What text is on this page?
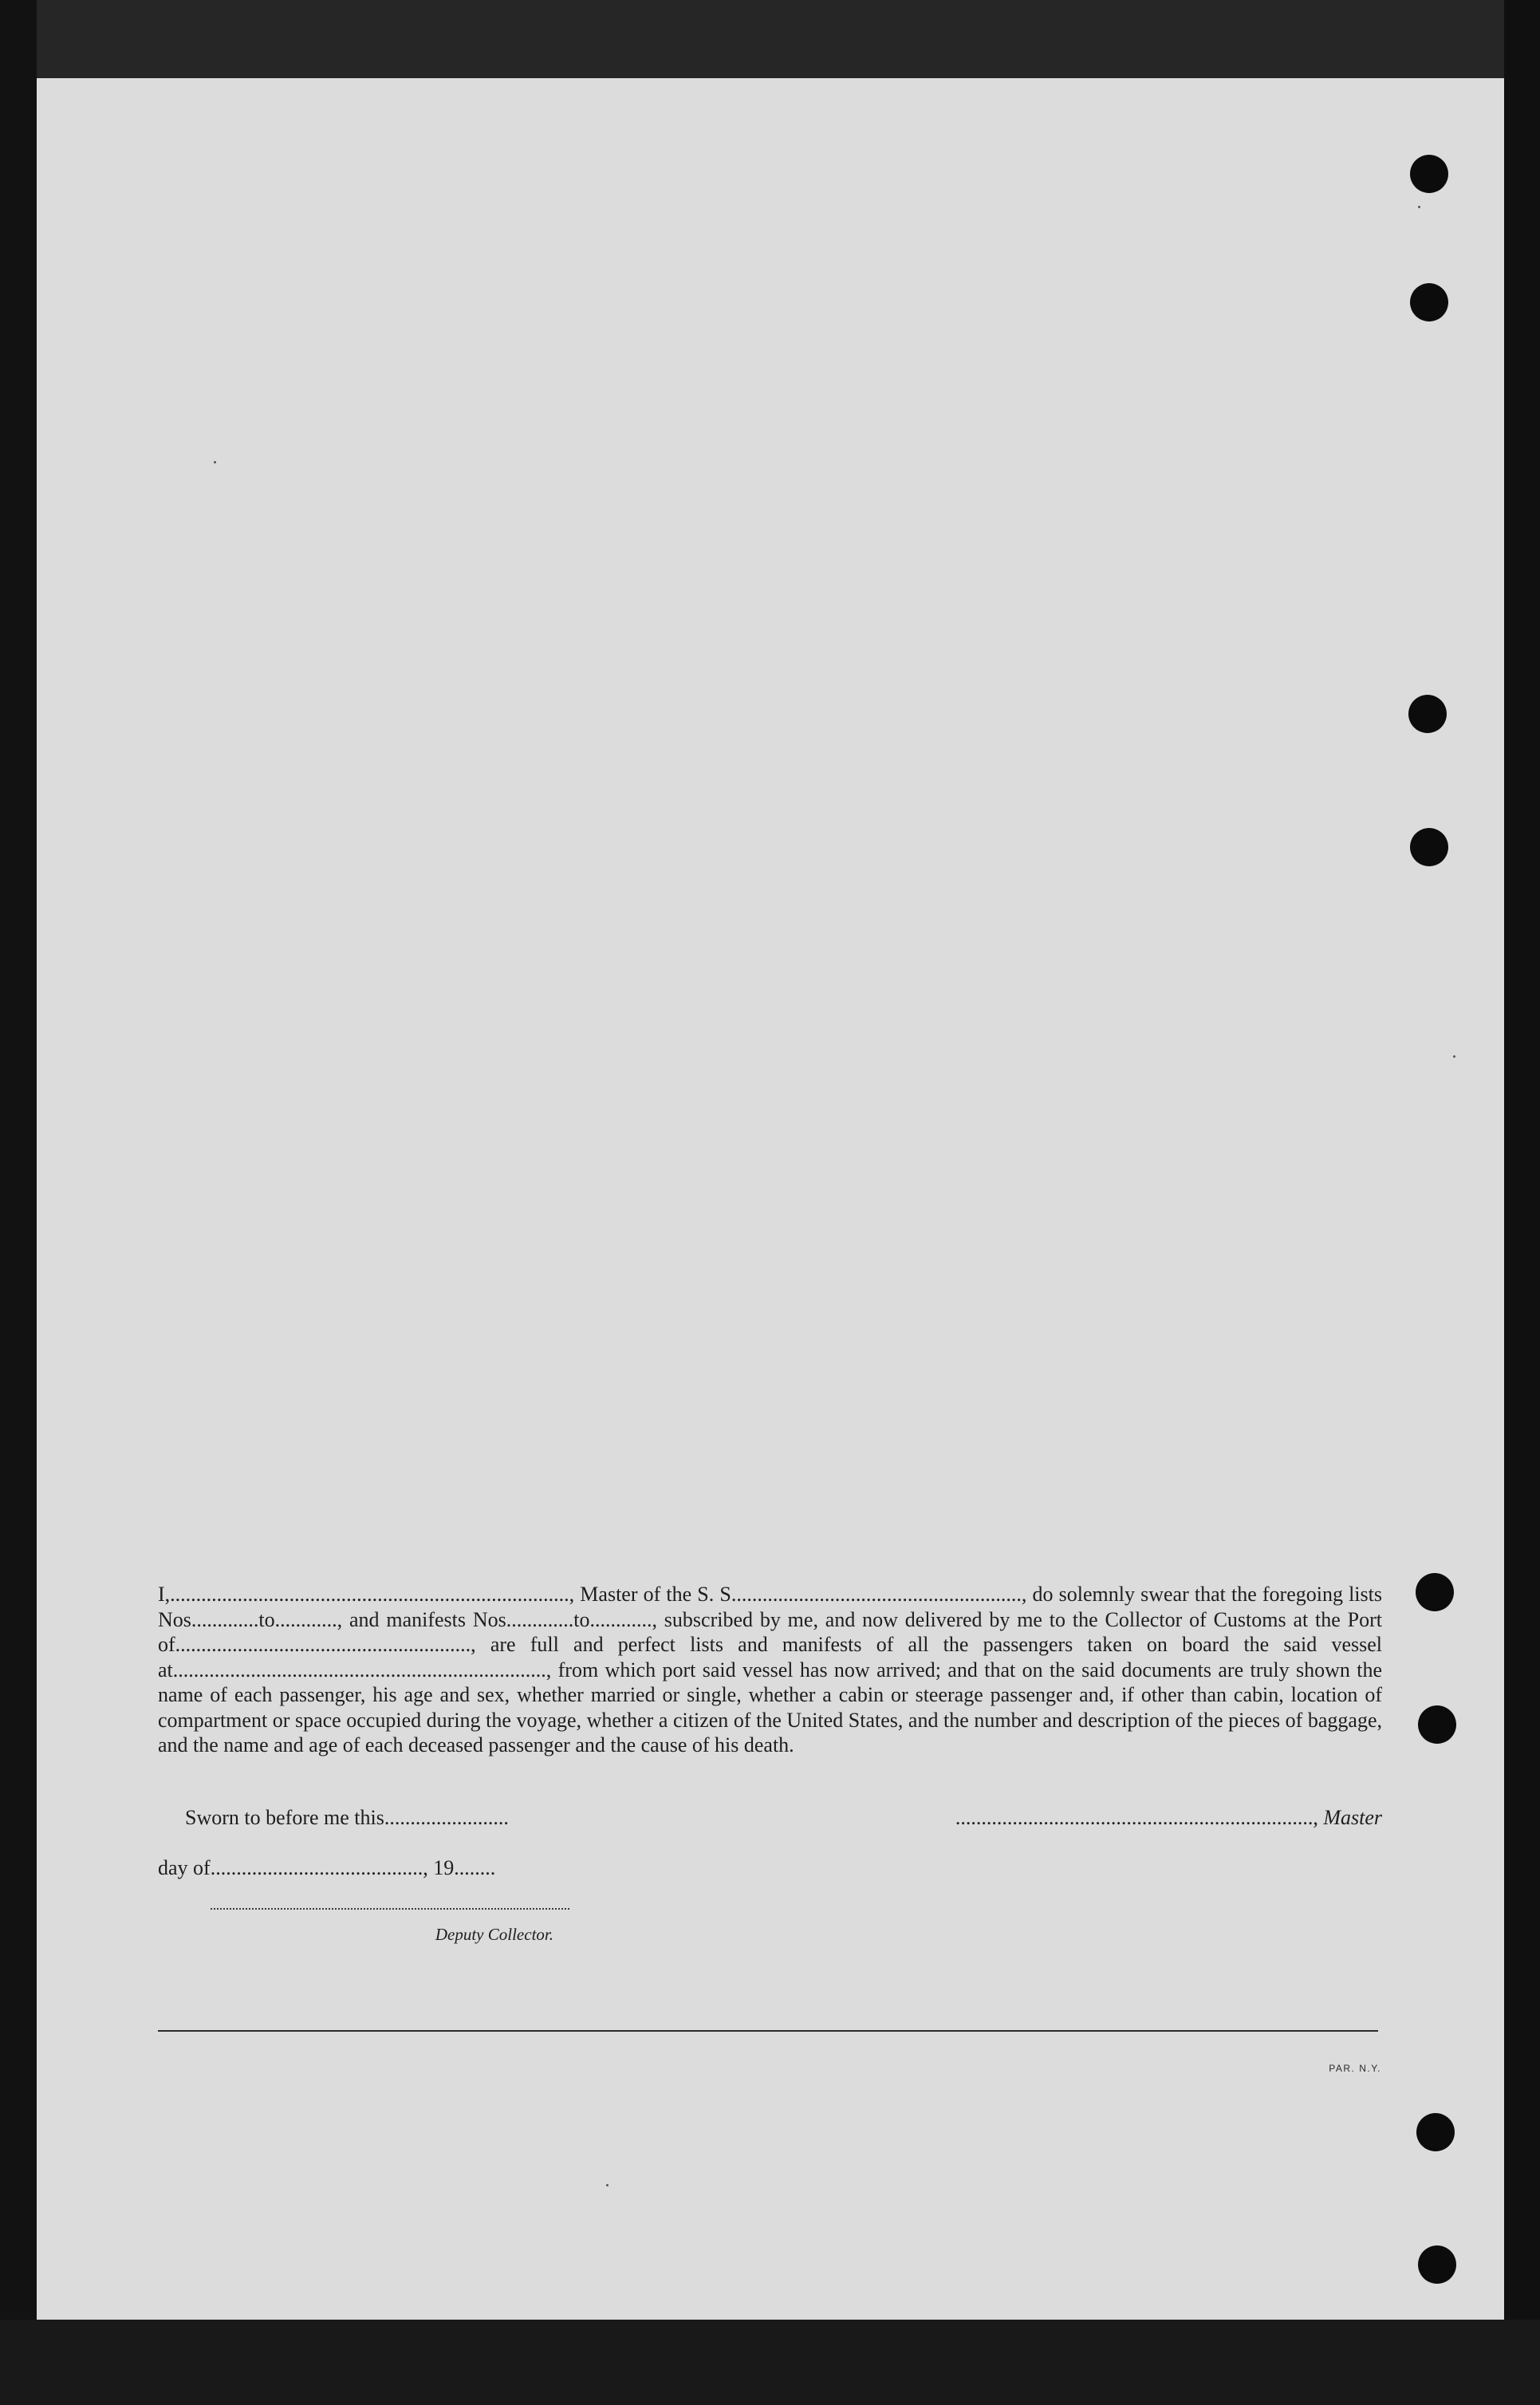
I,............................................................................., Master of the S. S........................................................, do solemnly swear that the foregoing lists Nos.............to............, and manifests Nos.............to............, subscribed by me, and now delivered by me to the Collector of Customs at the Port of........................................................., are full and perfect lists and manifests of all the passengers taken on board the said vessel at........................................................................, from which port said vessel has now arrived; and that on the said documents are truly shown the name of each passenger, his age and sex, whether married or single, whether a cabin or steerage passenger and, if other than cabin, location of compartment or space occupied during the voyage, whether a citizen of the United States, and the number and description of the pieces of baggage, and the name and age of each deceased passenger and the cause of his death.

Sworn to before me this........................	....................................................................., Master
day of........................................., 19........
Deputy Collector.
PAR. N.Y.
